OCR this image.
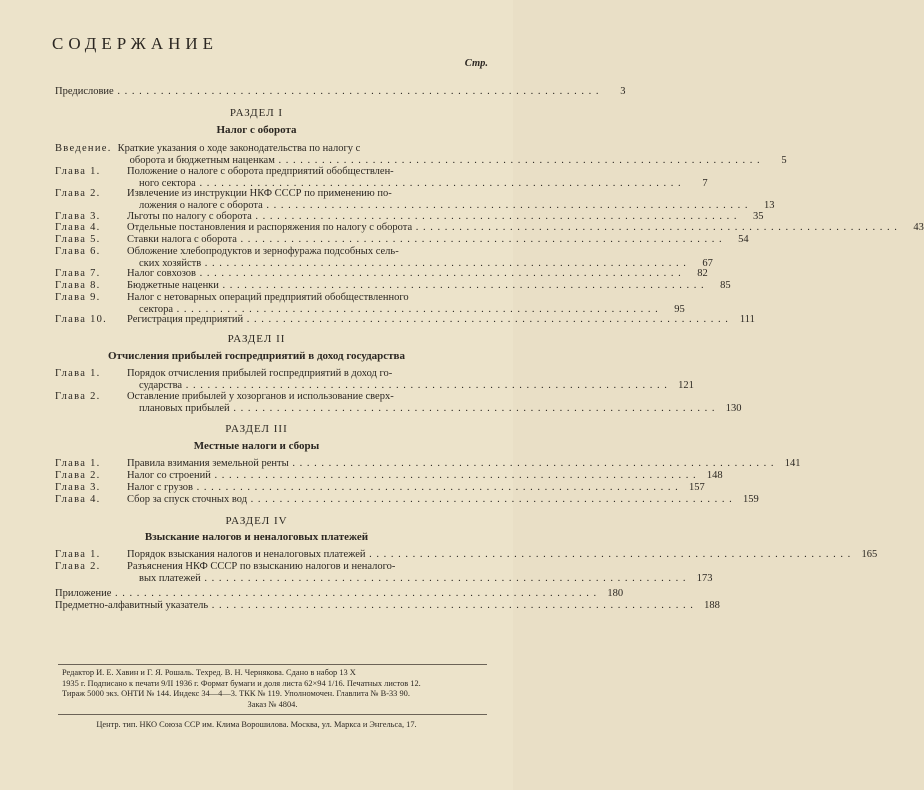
СОДЕРЖАНИЕ
Стр.
Предисловие . . .	3
РАЗДЕЛ I
Налог с оборота
Введение. Краткие указания о ходе законодательства по налогу с
оборота и бюджетным наценкам . . .	5
Глава 1.	Положение о налоге с оборота предприятий обобществлен-
ного сектора . . .	7
Глава 2.	Извлечение из инструкции НКФ СССР по применению по-
ложения о налоге с оборота . . .	13
Глава 3.	Льготы по налогу с оборота . . .	35
Глава 4.	Отдельные постановления и распоряжения по налогу с оборота . . .	43
Глава 5.	Ставки налога с оборота . . .	54
Глава 6.	Обложение хлебопродуктов и зернофуража подсобных сель-
ских хозяйств . . .	67
Глава 7.	Налог совхозов . . .	82
Глава 8.	Бюджетные наценки . . .	85
Глава 9.	Налог с нетоварных операций предприятий обобществленного
сектора . . .	95
Глава 10.	Регистрация предприятий . . .	111
РАЗДЕЛ II
Отчисления прибылей госпредприятий в доход государства
Глава 1.	Порядок отчисления прибылей госпредприятий в доход го-
сударства . . .	121
Глава 2.	Оставление прибылей у хозорганов и использование сверх-
плановых прибылей . . .	130
РАЗДЕЛ III
Местные налоги и сборы
Глава 1.	Правила взимания земельной ренты . . .	141
Глава 2.	Налог со строений . . .	148
Глава 3.	Налог с грузов . . .	157
Глава 4.	Сбор за спуск сточных вод . . .	159
РАЗДЕЛ IV
Взыскание налогов и неналоговых платежей
Глава 1.	Порядок взыскания налогов и неналоговых платежей . . .	165
Глава 2.	Разъяснения НКФ СССР по взысканию налогов и неналого-
вых платежей . . .	173
Приложение . . .	180
Предметно-алфавитный указатель . . .	188
Редактор И. Е. Хавин и Г. Я. Рошаль. Техред. В. Н. Чернякова. Сдано в набор 13 Х
1935 г. Подписано к печати 9/II 1936 г. Формат бумаги и доля листа 62×94 1/16. Печатных листов 12.
Тираж 5000 экз. ОНТИ № 144. Индекс 34—4—3. ТКК № 119. Уполномочен. Главлита № В-33 90.
Заказ № 4804.
Центр. тип. НКО Союза ССР им. Клима Ворошилова. Москва, ул. Маркса и Энгельса, 17.
